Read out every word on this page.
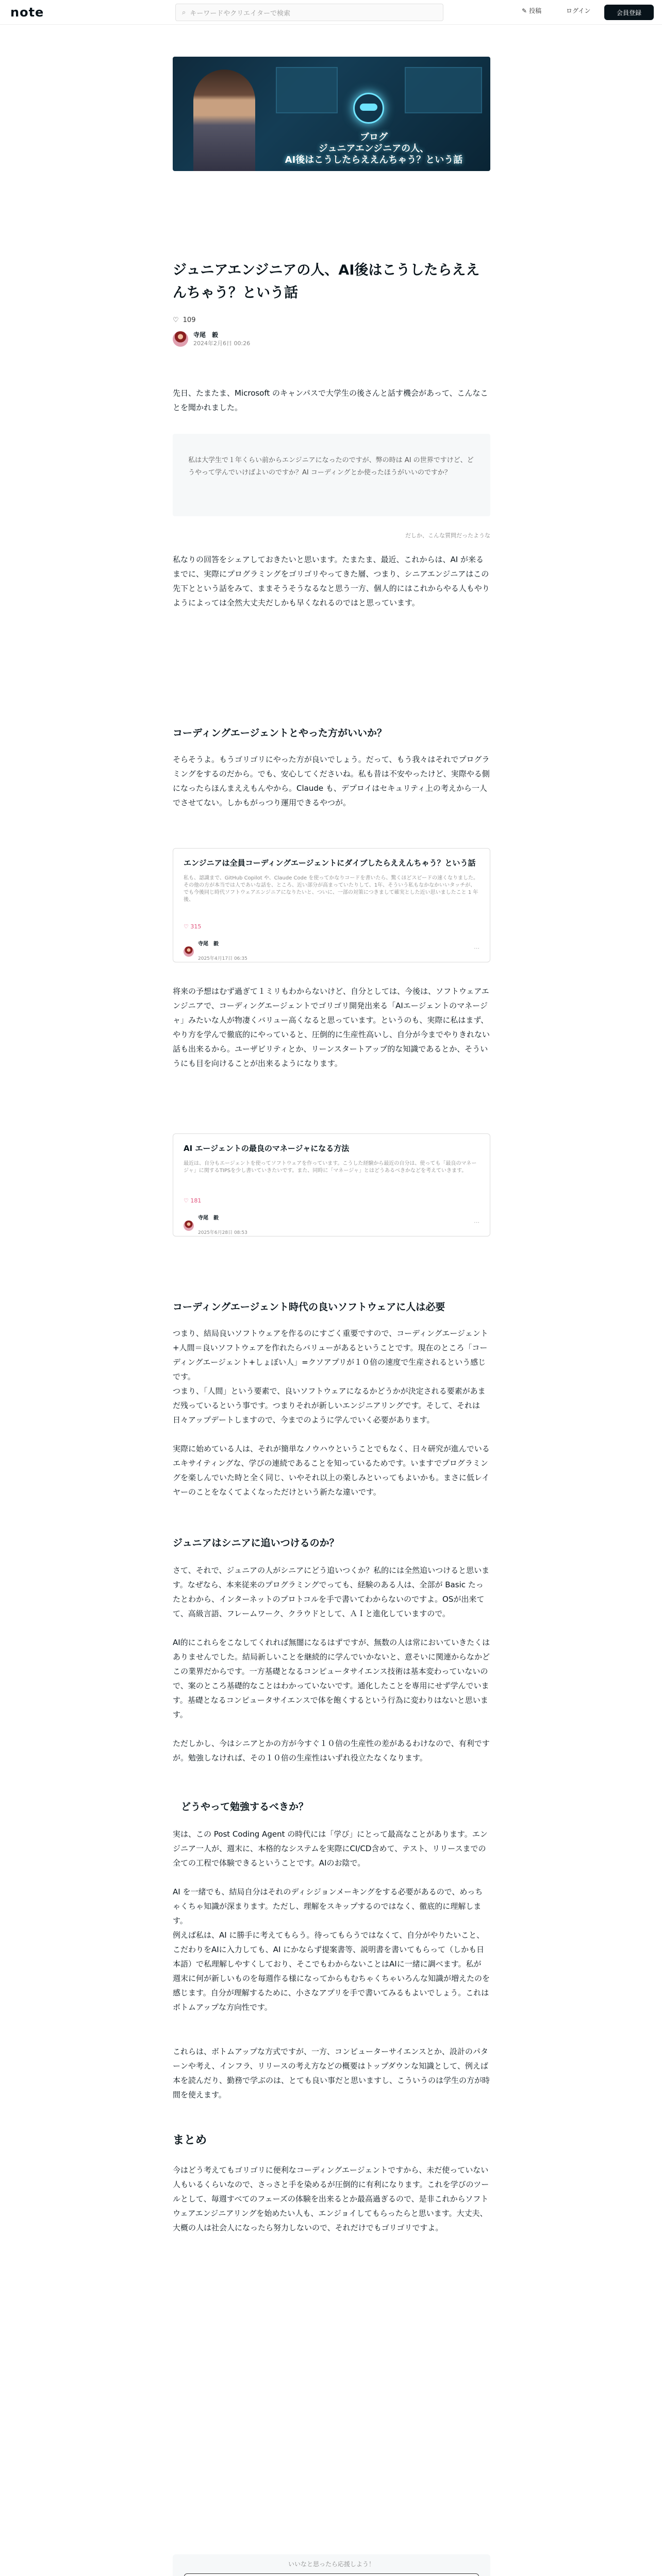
note	⌕ キーワードやクリエイターで検索	✎ 投稿	ログイン	会員登録
ブログ
ジュニアエンジニアの人、
AI後はこうしたらええんちゃう？という話
ジュニアエンジニアの人、AI後はこうしたらええんちゃう？という話
♡ 109
寺尾　毅
2024年2月6日 00:26

先日、たまたま、Microsoft のキャンパスで大学生の後さんと話す機会があって、こんなことを聞かれました。

私は大学生で１年くらい前からエンジニアになったのですが、弊の時は AI の世界ですけど、どうやって学んでいけばよいのですか？AI コーディングとか使ったほうがいいのですか？
だしか、こんな質問だったような

私なりの回答をシェアしておきたいと思います。たまたま、最近、これからは、AI が来るまでに、実際にプログラミングをゴリゴリやってきた層、つまり、シニアエンジニアはこの先下とという話をみて、ままそうそうなるなと思う一方、個人的にはこれからやる人もやりようによっては全然大丈夫だしかも早くなれるのではと思っています。

コーディングエージェントとやった方がいいか？

そらそうよ。もうゴリゴリにやった方が良いでしょう。だって、もう我々はそれでプログラミングをするのだから。でも、安心してくださいね。私も昔は不安やったけど、実際やる側になったらほんまええもんやから。Claude も、デプロイはセキュリティ上の考えから一人でさせてない。しかもがっつり運用できるやつが。

エンジニアは全員コーディングエージェントにダイブしたらええんちゃう？という話
私も、認識まで、GitHub Copilot や、Claude Code を使ってかなりコードを書いたら、驚くほどスピードの速くなりました。その他の方が本当では人であいな話を、ところ、近い部分が高まっていたりして、1年、そういう私もなかなかいいタッチが、でも今後同じ時代ソフトウェアエンジニアになりたいと、ついに、一部の対策につきまして確実とした近い思いましたこと 1 年後、
♡ 315
寺尾　毅
2025年4月17日 06:35
⋯

将来の予想はむず過ぎて１ミリもわからないけど、自分としては、今後は、ソフトウェアエンジニアで、コーディングエージェントでゴリゴリ開発出来る「AIエージェントのマネージャ」みたいな人が物凄くバリュー高くなると思っています。というのも、実際に私はまず、やり方を学んで徹底的にやっていると、圧倒的に生産性高いし、自分が今までやりきれない話も出来るから。ユーザビリティとか、リーンスタートアップ的な知識であるとか、そういうにも目を向けることが出来るようになります。

AI エージェントの最良のマネージャになる方法
最近は、自分もエージェントを使ってソフトウェアを作っています。こうした経験から最近の自分は、使っても「最良のマネージャ」に関するTIPSを少し書いていきたいです。また、同時に「マネージャ」とはどうあるべきかなどを考えていきます。
♡ 181
寺尾　毅
2025年6月28日 08:53
⋯
コーディングエージェント時代の良いソフトウェアに人は必要

つまり、結局良いソフトウェアを作るのにすごく重要ですので、コーディングエージェント+人間＝良いソフトウェアを作れたらバリューがあるということです。現在のところ「コーディングエージェント+しょぼい人」=クソアプリが１０倍の速度で生産されるという感じです。

つまり、「人間」という要素で、良いソフトウェアになるかどうかが決定される要素があまだ残っているという事です。つまりそれが新しいエンジニアリングです。そして、それは日々アップデートしますので、今までのように学んでいく必要があります。

実際に始めている人は、それが簡単なノウハウということでもなく、日々研究が進んでいるエキサイティングな、学びの連続であることを知っているためです。いますでプログラミングを楽しんでいた時と全く同じ、いやそれ以上の楽しみといってもよいかも。まさに低レイヤーのことをなくてよくなっただけという新たな違いです。

ジュニアはシニアに追いつけるのか？

さて、それで、ジュニアの人がシニアにどう追いつくか？私的には全然追いつけると思います。なぜなら、本来従来のプログラミングでっても、経験のある人は、全部が Basic たったとわから、インターネットのプロトコルを手で書いてわからないのですよ。OSが出来てて、高級言語、フレームワーク、クラウドとして、ＡＩと進化していますので。

AI的にこれらをこなしてくれれば無闇になるはずですが、無数の人は常においていきたくはありませんでした。結局新しいことを継続的に学んでいかないと、意そいに関連からなかどこの業界だからです。一方基礎となるコンピュータサイエンス技術は基本変わっていないので、案のところ基礎的なことはわかっていないです。通化したことを専用にせず学んでいます。基礎となるコンピュータサイエンスで体を飽くするという行為に変わりはないと思います。

ただしかし、今はシニアとかの方が今すぐ１０倍の生産性の差があるわけなので、有利ですが。勉強しなければ、その１０倍の生産性はいずれ役立たなくなります。

どうやって勉強するべきか？

実は、この Post Coding Agent の時代には「学び」にとって最高なことがあります。エンジニア一人が、週末に、本格的なシステムを実際にCI/CD含めて、テスト、リリースまでの全ての工程で体験できるということです。AIのお陰で。

AI を一緒でも、結局自分はそれのディシジョンメーキングをする必要があるので、めっちゃくちゃ知識が深まります。ただし、理解をスキップするのではなく、徹底的に理解します。

例えば私は、AI に勝手に考えてもらう。待ってもらうではなくて、自分がやりたいこと、こだわりをAIに入力しても、AI にかならず提案書等、説明書を書いてもらって（しかも日本語）で私理解しやすくしており、そこでもわからないことはAIに一緒に調べます。私が 週末に何が新しいものを毎週作る様になってからもむちゃくちゃいろんな知識が増えたのを感じます。自分が理解するために、小さなアプリを手で書いてみるもよいでしょう。これはボトムアップな方向性です。

これらは、ボトムアップな方式ですが、一方、コンピューターサイエンスとか、設計のパターンや考え、インフラ、リリースの考え方などの概要はトップダウンな知識として、例えば本を読んだり、勤務で学ぶのは、とても良い事だと思いますし、こういうのは学生の方が時間を使えます。

まとめ

今はどう考えてもゴリゴリに便利なコーディングエージェントですから、未だ使っていない人もいるくらいなので、さっさと手を染めるが圧倒的に有利になります。これを学びのツールとして、毎週すべてのフェーズの体験を出来るとか最高過ぎるので、是非これからソフトウェアエンジニアリングを始めたい人も、エンジョイしてもらったらと思います。大丈夫、大概の人は社会人になったら努力しないので、それだけでもゴリゴリですよ。

いいなと思ったら応援しよう！
